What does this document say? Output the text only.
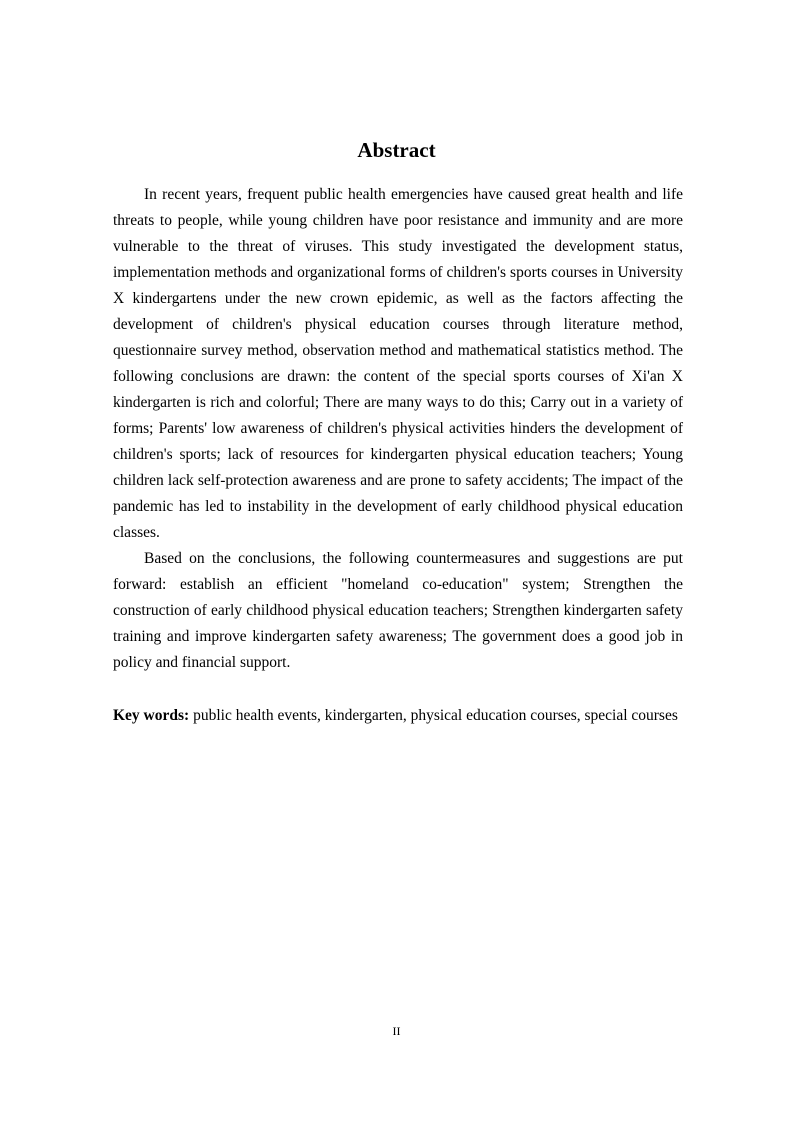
Abstract

In recent years, frequent public health emergencies have caused great health and life threats to people, while young children have poor resistance and immunity and are more vulnerable to the threat of viruses. This study investigated the development status, implementation methods and organizational forms of children's sports courses in University X kindergartens under the new crown epidemic, as well as the factors affecting the development of children's physical education courses through literature method, questionnaire survey method, observation method and mathematical statistics method. The following conclusions are drawn: the content of the special sports courses of Xi'an X kindergarten is rich and colorful; There are many ways to do this; Carry out in a variety of forms; Parents' low awareness of children's physical activities hinders the development of children's sports; lack of resources for kindergarten physical education teachers; Young children lack self-protection awareness and are prone to safety accidents; The impact of the pandemic has led to instability in the development of early childhood physical education classes.

Based on the conclusions, the following countermeasures and suggestions are put forward: establish an efficient "homeland co-education" system; Strengthen the construction of early childhood physical education teachers; Strengthen kindergarten safety training and improve kindergarten safety awareness; The government does a good job in policy and financial support.

Key words: public health events, kindergarten, physical education courses, special courses

II
